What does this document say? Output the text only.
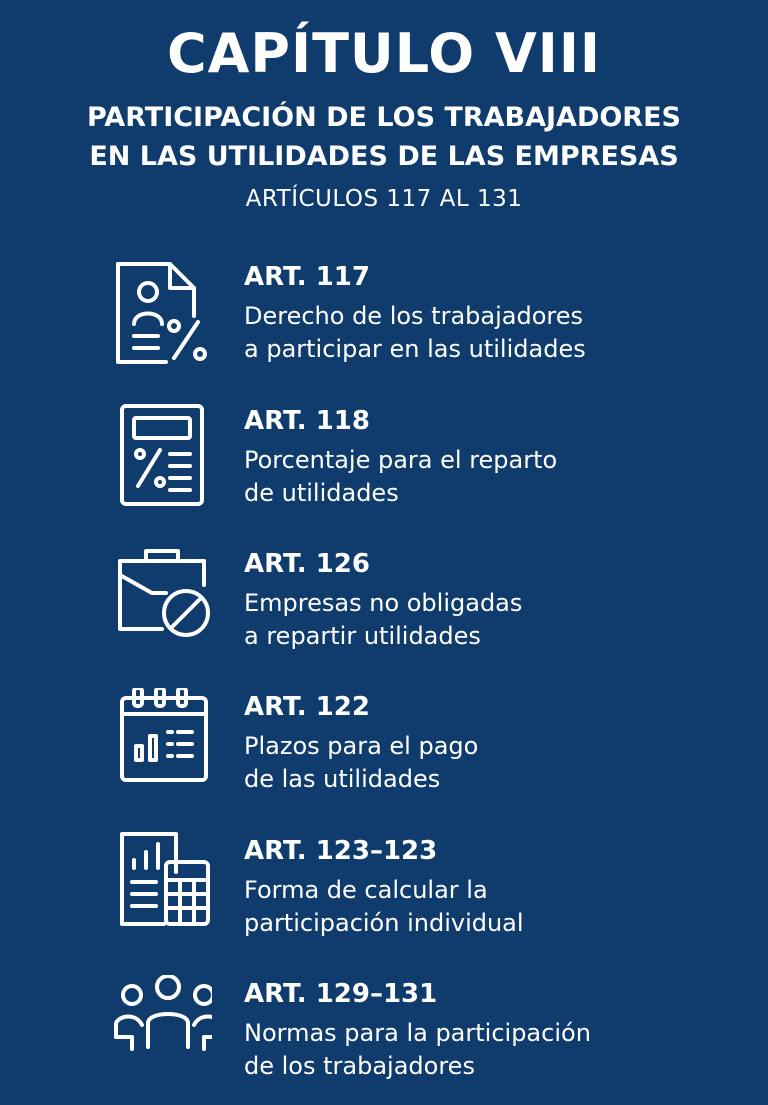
CAPÍTULO VIII
PARTICIPACIÓN DE LOS TRABAJADORES
EN LAS UTILIDADES DE LAS EMPRESAS
ARTÍCULOS 117 AL 131
ART. 117
Derecho de los trabajadores
a participar en las utilidades
ART. 118
Porcentaje para el reparto
de utilidades
ART. 126
Empresas no obligadas
a repartir utilidades
ART. 122
Plazos para el pago
de las utilidades
ART. 123–123
Forma de calcular la
participación individual
ART. 129–131
Normas para la participación
de los trabajadores
